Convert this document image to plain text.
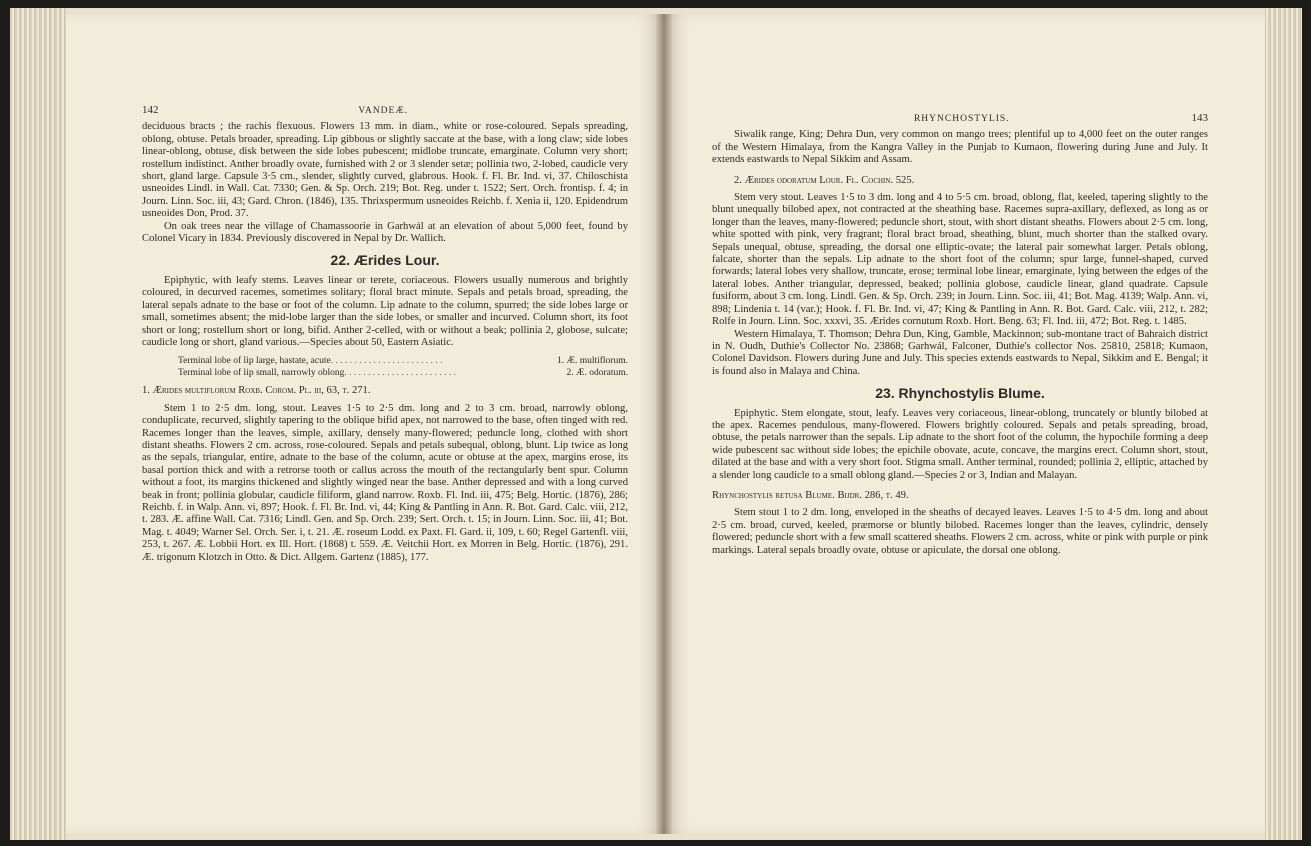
142	VANDEÆ.

deciduous bracts ; the rachis flexuous. Flowers 13 mm. in diam., white or rose-coloured. Sepals spreading, oblong, obtuse. Petals broader, spreading. Lip gibbous or slightly saccate at the base, with a long claw; side lobes linear-oblong, obtuse, disk between the side lobes pubescent; midlobe truncate, emarginate. Column very short; rostellum indistinct. Anther broadly ovate, furnished with 2 or 3 slender setæ; pollinia two, 2-lobed, caudicle very short, gland large. Capsule 3·5 cm., slender, slightly curved, glabrous. Hook. f. Fl. Br. Ind. vi, 37. Chiloschista usneoides Lindl. in Wall. Cat. 7330; Gen. & Sp. Orch. 219; Bot. Reg. under t. 1522; Sert. Orch. frontisp. f. 4; in Journ. Linn. Soc. iii, 43; Gard. Chron. (1846), 135. Thrixspermum usneoides Reichb. f. Xenia ii, 120. Epidendrum usneoides Don, Prod. 37.

On oak trees near the village of Chamassoorie in Garhwál at an elevation of about 5,000 feet, found by Colonel Vicary in 1834. Previously discovered in Nepal by Dr. Wallich.

22. Ærides Lour.

Epiphytic, with leafy stems. Leaves linear or terete, coriaceous. Flowers usually numerous and brightly coloured, in decurved racemes, sometimes solitary; floral bract minute. Sepals and petals broad, spreading, the lateral sepals adnate to the base or foot of the column. Lip adnate to the column, spurred; the side lobes large or small, sometimes absent; the mid-lobe larger than the side lobes, or smaller and incurved. Column short, its foot short or long; rostellum short or long, bifid. Anther 2-celled, with or without a beak; pollinia 2, globose, sulcate; caudicle long or short, gland various.—Species about 50, Eastern Asiatic.

Terminal lobe of lip large, hastate, acute . . . . . . . . . . . . . . . . . . . . . . . .	1. Æ. multiflorum.
Terminal lobe of lip small, narrowly oblong . . . . . . . . . . . . . . . . . . . . . . . .	2. Æ. odoratum.

1. Ærides multiflorum Roxb. Corom. Pl. iii, 63, t. 271.

Stem 1 to 2·5 dm. long, stout. Leaves 1·5 to 2·5 dm. long and 2 to 3 cm. broad, narrowly oblong, conduplicate, recurved, slightly tapering to the oblique bifid apex, not narrowed to the base, often tinged with red. Racemes longer than the leaves, simple, axillary, densely many-flowered; peduncle long, clothed with short distant sheaths. Flowers 2 cm. across, rose-coloured. Sepals and petals subequal, oblong, blunt. Lip twice as long as the sepals, triangular, entire, adnate to the base of the column, acute or obtuse at the apex, margins erose, its basal portion thick and with a retrorse tooth or callus across the mouth of the rectangularly bent spur. Column without a foot, its margins thickened and slightly winged near the base. Anther depressed and with a long curved beak in front; pollinia globular, caudicle filiform, gland narrow. Roxb. Fl. Ind. iii, 475; Belg. Hortic. (1876), 286; Reichb. f. in Walp. Ann. vi, 897; Hook. f. Fl. Br. Ind. vi, 44; King & Pantling in Ann. R. Bot. Gard. Calc. viii, 212, t. 283. Æ. affine Wall. Cat. 7316; Lindl. Gen. and Sp. Orch. 239; Sert. Orch. t. 15; in Journ. Linn. Soc. iii, 41; Bot. Mag. t. 4049; Warner Sel. Orch. Ser. i, t. 21. Æ. roseum Lodd. ex Paxt. Fl. Gard. ii, 109, t. 60; Regel Gartenfl. viii, 253, t. 267. Æ. Lobbii Hort. ex Ill. Hort. (1868) t. 559. Æ. Veitchii Hort. ex Morren in Belg. Hortic. (1876), 291. Æ. trigonum Klotzch in Otto. & Dict. Allgem. Gartenz (1885), 177.

RHYNCHOSTYLIS.	143

Siwalik range, King; Dehra Dun, very common on mango trees; plentiful up to 4,000 feet on the outer ranges of the Western Himalaya, from the Kangra Valley in the Punjab to Kumaon, flowering during June and July. It extends eastwards to Nepal Sikkim and Assam.

2. Ærides odoratum Lour. Fl. Cochin. 525.

Stem very stout. Leaves 1·5 to 3 dm. long and 4 to 5·5 cm. broad, oblong, flat, keeled, tapering slightly to the blunt unequally bilobed apex, not contracted at the sheathing base. Racemes supra-axillary, deflexed, as long as or longer than the leaves, many-flowered; peduncle short, stout, with short distant sheaths. Flowers about 2·5 cm. long, white spotted with pink, very fragrant; floral bract broad, sheathing, blunt, much shorter than the stalked ovary. Sepals unequal, obtuse, spreading, the dorsal one elliptic-ovate; the lateral pair somewhat larger. Petals oblong, falcate, shorter than the sepals. Lip adnate to the short foot of the column; spur large, funnel-shaped, curved forwards; lateral lobes very shallow, truncate, erose; terminal lobe linear, emarginate, lying between the edges of the lateral lobes. Anther triangular, depressed, beaked; pollinia globose, caudicle linear, gland quadrate. Capsule fusiform, about 3 cm. long. Lindl. Gen. & Sp. Orch. 239; in Journ. Linn. Soc. iii, 41; Bot. Mag. 4139; Walp. Ann. vi, 898; Lindenia t. 14 (var.); Hook. f. Fl. Br. Ind. vi, 47; King & Pantling in Ann. R. Bot. Gard. Calc. viii, 212, t. 282; Rolfe in Journ. Linn. Soc. xxxvi, 35. Ærides cornutum Roxb. Hort. Beng. 63; Fl. Ind. iii, 472; Bot. Reg. t. 1485.

Western Himalaya, T. Thomson; Dehra Dun, King, Gamble, Mackinnon; sub-montane tract of Bahraich district in N. Oudh, Duthie's Collector No. 23868; Garhwál, Falconer, Duthie's collector Nos. 25810, 25818; Kumaon, Colonel Davidson. Flowers during June and July. This species extends eastwards to Nepal, Sikkim and E. Bengal; it is found also in Malaya and China.

23. Rhynchostylis Blume.

Epiphytic. Stem elongate, stout, leafy. Leaves very coriaceous, linear-oblong, truncately or bluntly bilobed at the apex. Racemes pendulous, many-flowered. Flowers brightly coloured. Sepals and petals spreading, broad, obtuse, the petals narrower than the sepals. Lip adnate to the short foot of the column, the hypochile forming a deep wide pubescent sac without side lobes; the epichile obovate, acute, concave, the margins erect. Column short, stout, dilated at the base and with a very short foot. Stigma small. Anther terminal, rounded; pollinia 2, elliptic, attached by a slender long caudicle to a small oblong gland.—Species 2 or 3, Indian and Malayan.

Rhynchostylis retusa Blume. Bijdr. 286, t. 49.

Stem stout 1 to 2 dm. long, enveloped in the sheaths of decayed leaves. Leaves 1·5 to 4·5 dm. long and about 2·5 cm. broad, curved, keeled, præmorse or bluntly bilobed. Racemes longer than the leaves, cylindric, densely flowered; peduncle short with a few small scattered sheaths. Flowers 2 cm. across, white or pink with purple or pink markings. Lateral sepals broadly ovate, obtuse or apiculate, the dorsal one oblong.
